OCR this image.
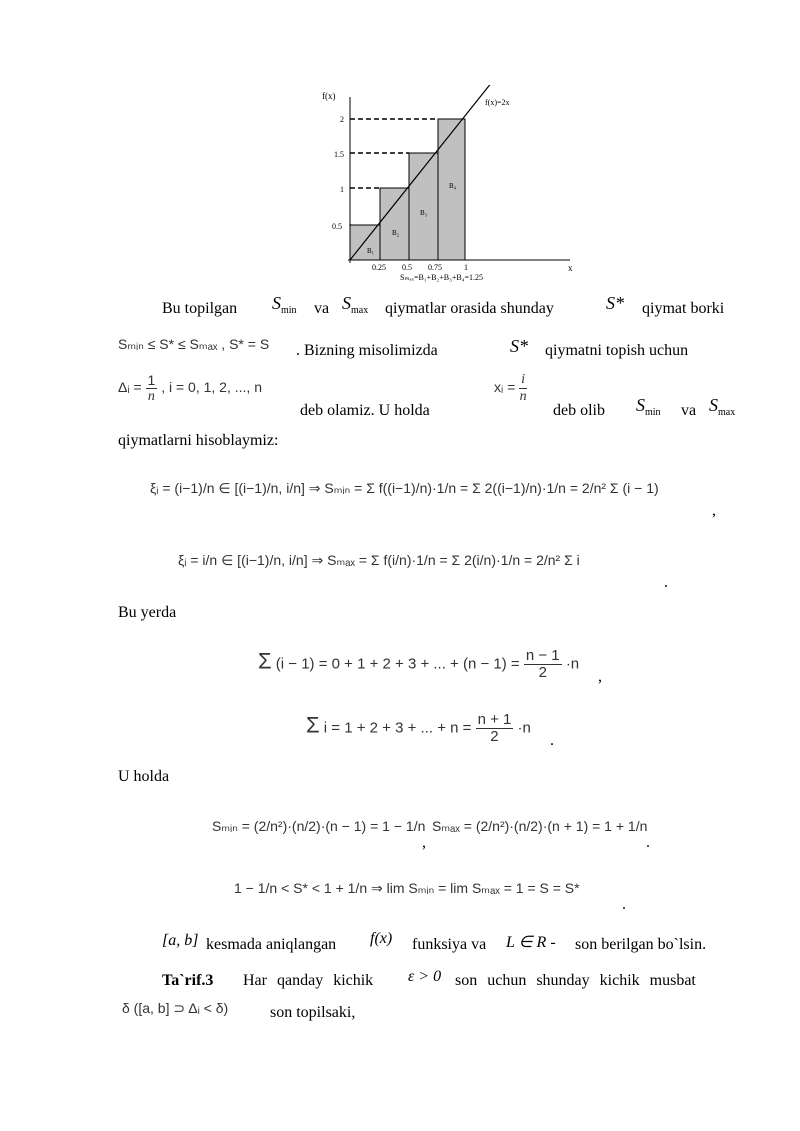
f(x)
f(x)=2x
x
0.5
1
1.5
2
0.25 0.5 0.75	1
B₁
B₂
B₃
B₄
Sₘₐₓ=B₁+B₂+B₃+B₄=1.25
Bu topilgan $S_{min}$ va $S_{max}$ qiymatlar orasida shunday	S* qiymat borki
Sₘᵢₙ ≤ S* ≤ Sₘₐₓ , S* = S . Bizning misolimizda	S* qiymatni topish uchun
Δᵢ = $\frac{1}{n}$ , i = 0, 1, 2, ..., n
deb olamiz. U holda
xᵢ = $\frac{i}{n}$
deb olib $S_{min}$ va $S_{max}$
qiymatlarni hisoblaymiz:
ξᵢ = (i−1)/n ∈ [(i−1)/n, i/n] ⇒ Sₘᵢₙ = Σ f((i−1)/n)·1/n = Σ 2((i−1)/n)·1/n = 2/n² Σ (i − 1)
,
ξᵢ = i/n ∈ [(i−1)/n, i/n] ⇒ Sₘₐₓ = Σ f(i/n)·1/n = Σ 2(i/n)·1/n = 2/n² Σ i
.
Bu yerda
Σ (i − 1) = 0 + 1 + 2 + 3 + ... + $(n - 1) = \frac{n - 1}{2} \cdot n$
,
Σ i = 1 + 2 + 3 + ... + $n = \frac{n + 1}{2} \cdot n$
.
U holda
Sₘᵢₙ = (2/n²)·(n/2)·(n − 1) = 1 − 1/n
,
Sₘₐₓ = (2/n²)·(n/2)·(n + 1) = 1 + 1/n
.
1 − 1/n < S* < 1 + 1/n ⇒ lim Sₘᵢₙ = lim Sₘₐₓ = 1 = S = S*
.
[a, b] kesmada aniqlangan f(x) funksiya va L ∈ R - son berilgan bo`lsin.
Ta`rif.3 Har qanday kichik ε > 0 son uchun shunday kichik musbat
δ ([a, b] ⊃ Δᵢ < δ)	son topilsaki,
